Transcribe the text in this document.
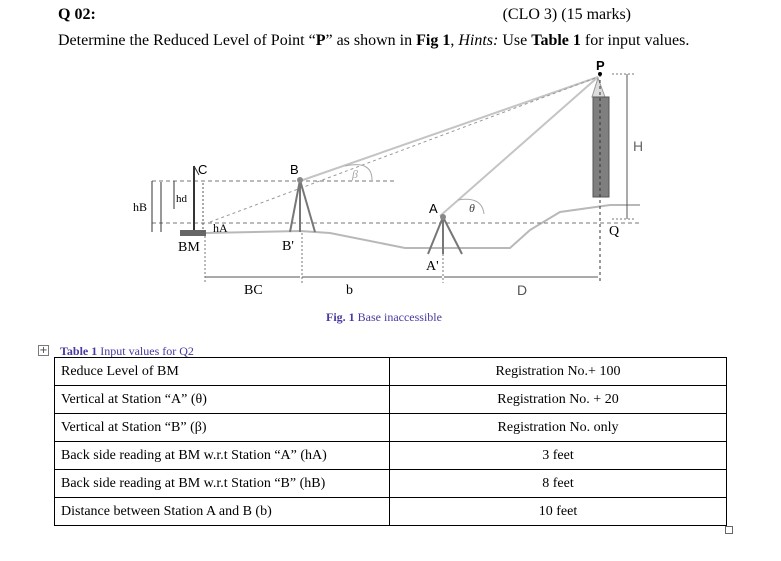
Q 02:	(CLO 3) (15 marks)
Determine the Reduced Level of Point “P” as shown in Fig 1, Hints: Use Table 1 for input values.
P
H
Q
C	B	β
A	θ
hB
hd
hA
BM	B'
A'
BC	b	D
Fig. 1 Base inaccessible
+ Table 1 Input values for Q2
Reduce Level of BM	Registration No.+ 100
Vertical at Station “A” (θ)	Registration No. + 20
Vertical at Station “B” (β)	Registration No. only
Back side reading at BM w.r.t Station “A” (hA)	3 feet
Back side reading at BM w.r.t Station “B” (hB)	8 feet
Distance between Station A and B (b)	10 feet
